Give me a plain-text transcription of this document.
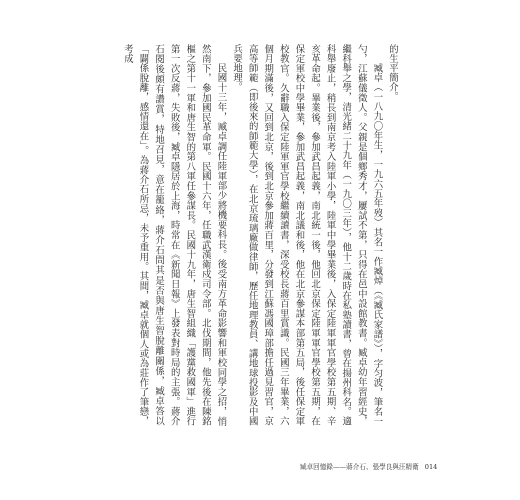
的生平簡介。

臧卓（一八九〇年生，一九六五年歿）其名一作臧焯（《臧氏家譜》），字匀波，筆名一勺，江蘇儀徵人。父親是個鄉秀才，屢試不第，只得在邑中設館教書。臧卓幼年習經史，繼科舉之學，清光緒二十九年（一九〇三年），他十二歲時在私塾讀書，曾在揚州科名。適科舉廢止，稍長到南京考入陸軍小學，陸軍中學畢業後，入保定陸軍軍官學校第五期、辛亥革命起。畢業後，參加武昌起義，南北統一後，他回北京保定陸軍軍官學校第五期，在保定軍校中學畢業，參加武昌起義，南北議和後，他在北京參謀本部第五局，後任保定軍校教官。久辭職入保定陸軍軍官學校繼續讀書，深受校長蔣百里賞識。民國三年畢業，六個月期滿後，又回到北京，後到北京參加蔣百里，分發到江蘇馮國璋部擔任過見習官，京高等師範（即後來的師範大學），在北京琉璃廠做律師，歷任地理教員、講地球投影及中國兵要地理。

民國十三年，臧卓調任陸軍部少將機要科長。後受南方革命影響和軍校同學之招，悄然南下，參加國民革命軍。民國十六年，任職武漢衛戍司令部。北伐期間，他先後在陳銘樞之第十一軍和唐生智的第八軍任參謀長。民國十九年，唐生智組織「護黨救國軍」進行第一次反蔣，失敗後，臧卓隱居於上海，時常在《新聞日報》上發表對時局的主張。蔣介石閱後頗有讚賞，特地召見，意在籠絡，蔣介石問其是否與唐生智脫離關係，臧卓答以「闢係脫離，感情還在」。為蔣介石所忌，未予重用。其間，臧卓就個人或為莊作了筆戀，考成

臧卓回憶錄——蔣介石、張學良與汪精衛 014
